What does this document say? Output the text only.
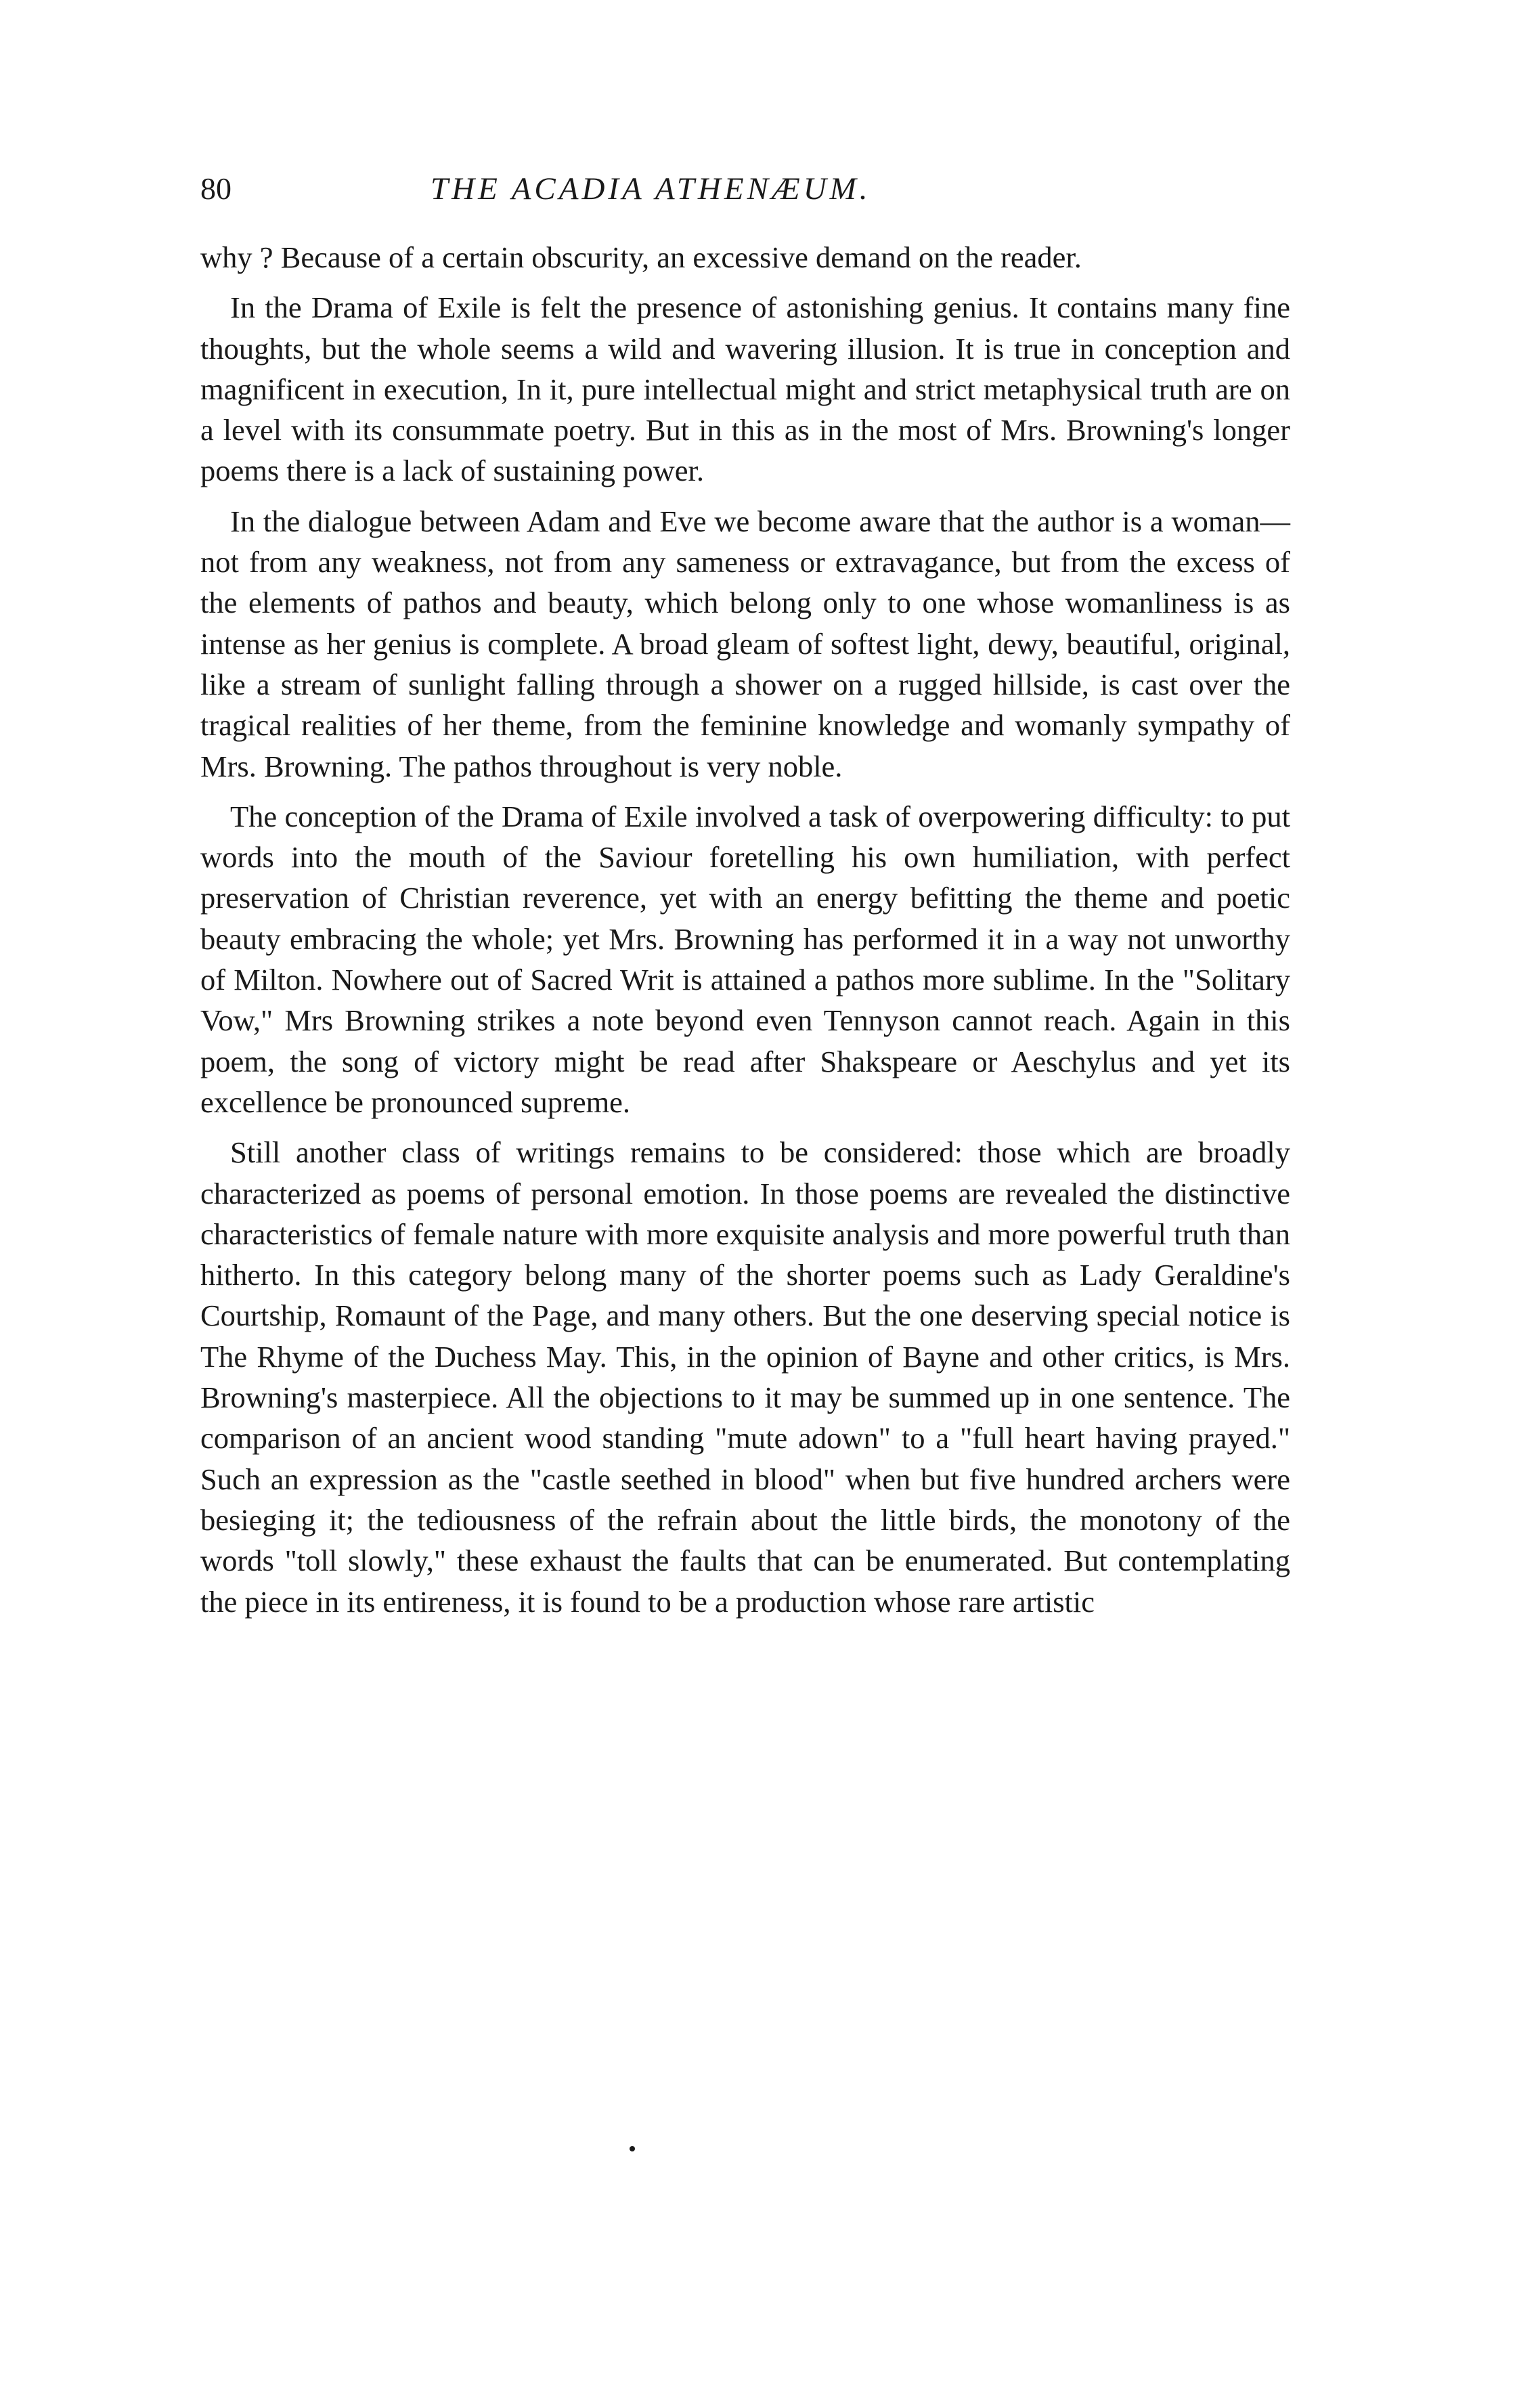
80	THE ACADIA ATHENÆUM.

why ? Because of a certain obscurity, an excessive demand on the reader.

In the Drama of Exile is felt the presence of astonishing genius. It contains many fine thoughts, but the whole seems a wild and wavering illusion. It is true in conception and magnificent in execution, In it, pure intellectual might and strict metaphysical truth are on a level with its consummate poetry. But in this as in the most of Mrs. Browning's longer poems there is a lack of sustaining power.

In the dialogue between Adam and Eve we become aware that the author is a woman—not from any weakness, not from any sameness or extravagance, but from the excess of the elements of pathos and beauty, which belong only to one whose womanliness is as intense as her genius is complete. A broad gleam of softest light, dewy, beautiful, original, like a stream of sunlight falling through a shower on a rugged hillside, is cast over the tragical realities of her theme, from the feminine knowledge and womanly sympathy of Mrs. Browning. The pathos throughout is very noble.

The conception of the Drama of Exile involved a task of overpowering difficulty: to put words into the mouth of the Saviour foretelling his own humiliation, with perfect preservation of Christian reverence, yet with an energy befitting the theme and poetic beauty embracing the whole; yet Mrs. Browning has performed it in a way not unworthy of Milton. Nowhere out of Sacred Writ is attained a pathos more sublime. In the "Solitary Vow," Mrs Browning strikes a note beyond even Tennyson cannot reach. Again in this poem, the song of victory might be read after Shakspeare or Aeschylus and yet its excellence be pronounced supreme.

Still another class of writings remains to be considered: those which are broadly characterized as poems of personal emotion. In those poems are revealed the distinctive characteristics of female nature with more exquisite analysis and more powerful truth than hitherto. In this category belong many of the shorter poems such as Lady Geraldine's Courtship, Romaunt of the Page, and many others. But the one deserving special notice is The Rhyme of the Duchess May. This, in the opinion of Bayne and other critics, is Mrs. Browning's masterpiece. All the objections to it may be summed up in one sentence. The comparison of an ancient wood standing "mute adown" to a "full heart having prayed." Such an expression as the "castle seethed in blood" when but five hundred archers were besieging it; the tediousness of the refrain about the little birds, the monotony of the words "toll slowly," these exhaust the faults that can be enumerated. But contemplating the piece in its entireness, it is found to be a production whose rare artistic
